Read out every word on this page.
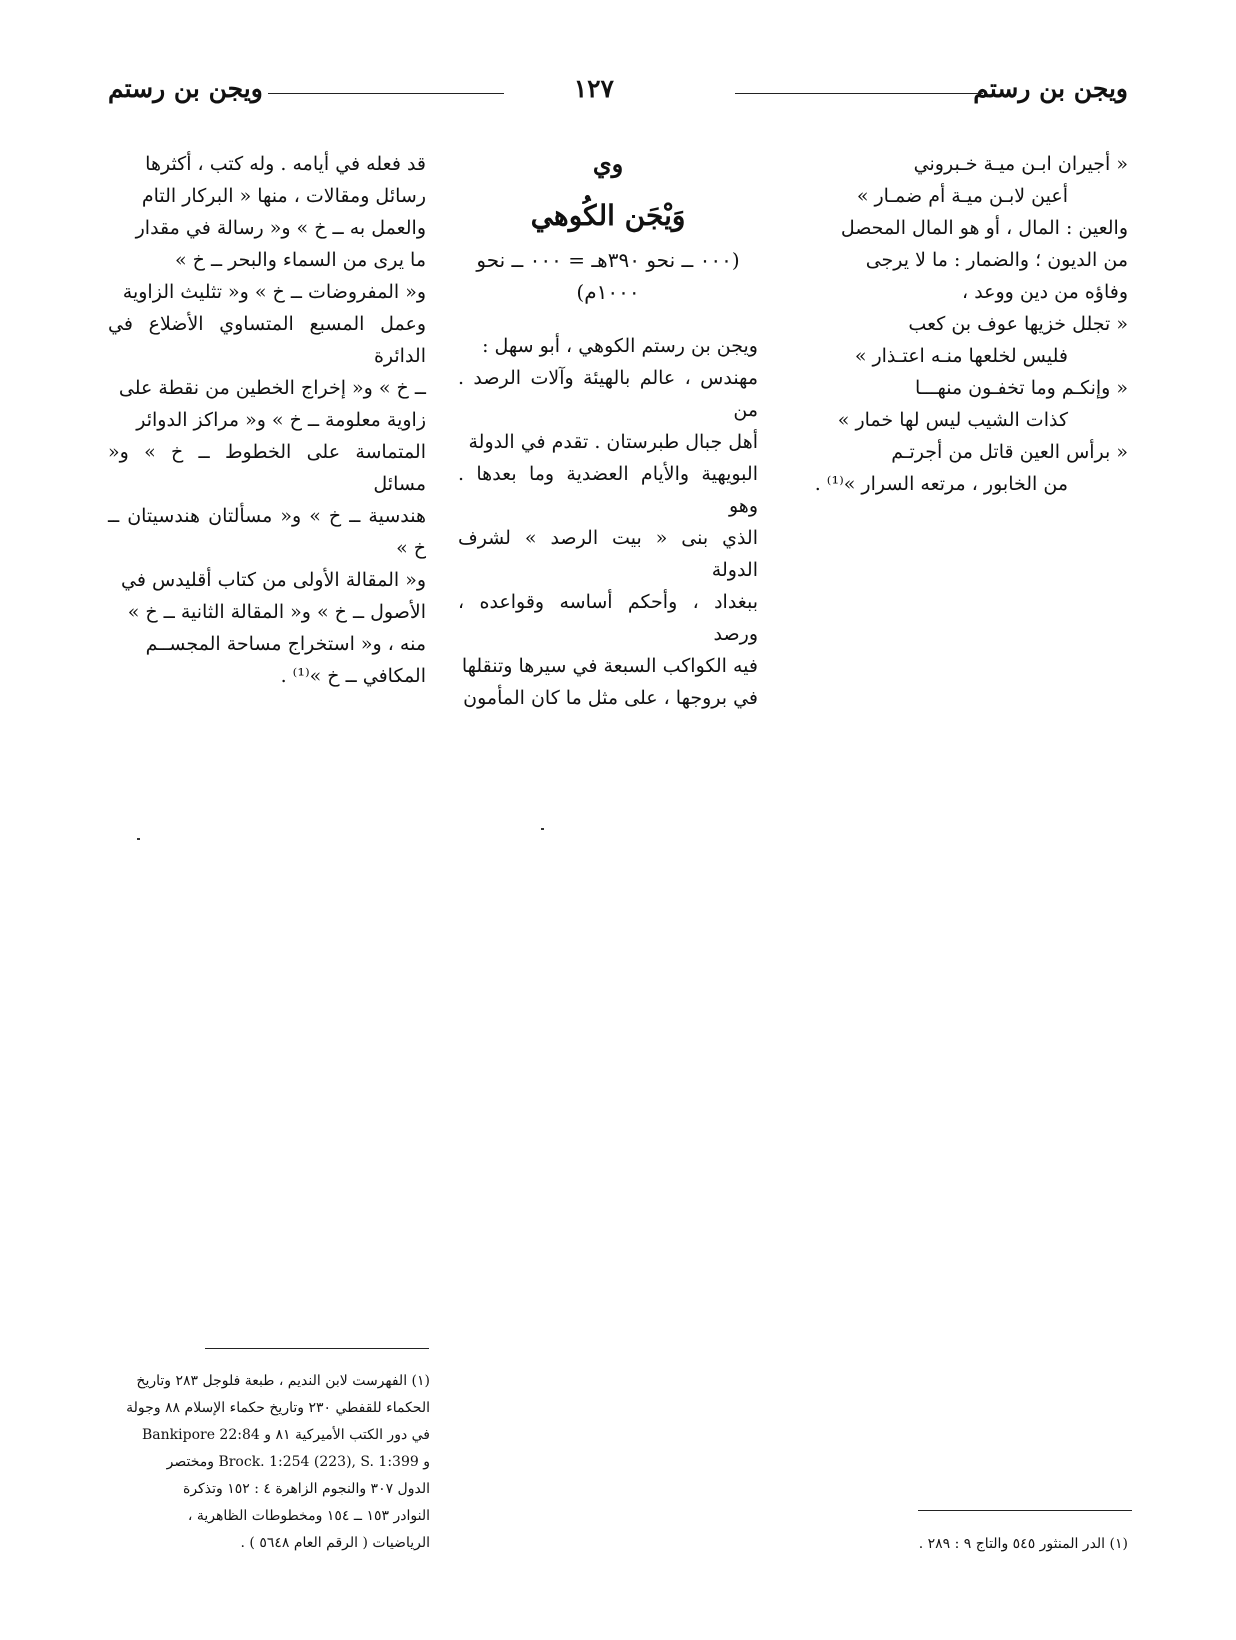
ويجن بن رستم
١٢٧
ويجن بن رستم
« أجيران ابـن ميـة خـبروني
أعين لابـن ميـة أم ضمـار »
والعين : المال ، أو هو المال المحصل
من الديون ؛ والضمار : ما لا يرجى
وفاؤه من دين ووعد ،
« تجلل خزيها عوف بن كعب
فليس لخلعها منـه اعتـذار »
« وإنكـم وما تخفـون منهـــا
كذات الشيب ليس لها خمار »
« برأس العين قاتل من أجرتـم
من الخابور ، مرتعه السرار »⁽¹⁾ .

وي

وَيْجَن الكُوهي

(٠٠٠ ــ نحو ٣٩٠هـ = ٠٠٠ ــ نحو
١٠٠٠م)

ويجن بن رستم الكوهي ، أبو سهل :
مهندس ، عالم بالهيئة وآلات الرصد . من
أهل جبال طبرستان . تقدم في الدولة
البويهية والأيام العضدية وما بعدها . وهو
الذي بنى « بيت الرصد » لشرف الدولة
ببغداد ، وأحكم أساسه وقواعده ، ورصد
فيه الكواكب السبعة في سيرها وتنقلها
في بروجها ، على مثل ما كان المأمون
قد فعله في أيامه . وله كتب ، أكثرها
رسائل ومقالات ، منها « البركار التام
والعمل به ــ خ » و« رسالة في مقدار
ما يرى من السماء والبحر ــ خ »
و« المفروضات ــ خ » و« تثليث الزاوية
وعمل المسبع المتساوي الأضلاع في الدائرة
ــ خ » و« إخراج الخطين من نقطة على
زاوية معلومة ــ خ » و« مراكز الدوائر
المتماسة على الخطوط ــ خ » و« مسائل
هندسية ــ خ » و« مسألتان هندسيتان ــ خ »
و« المقالة الأولى من كتاب أقليدس في
الأصول ــ خ » و« المقالة الثانية ــ خ »
منه ، و« استخراج مساحة المجســم
المكافي ــ خ »⁽¹⁾ .
(١) الفهرست لابن النديم ، طبعة فلوجل ٢٨٣ وتاريخ
الحكماء للقفطي ٢٣٠ وتاريخ حكماء الإسلام ٨٨ وجولة
في دور الكتب الأميركية ٨١ و Bankipore 22:84
و Brock. 1:254 (223), S. 1:399 ومختصر
الدول ٣٠٧ والنجوم الزاهرة ٤ : ١٥٢ وتذكرة
النوادر ١٥٣ ــ ١٥٤ ومخطوطات الظاهرية ،
الرياضيات ( الرقم العام ٥٦٤٨ ) .	(١) الدر المنثور ٥٤٥ والتاج ٩ : ٢٨٩ .
